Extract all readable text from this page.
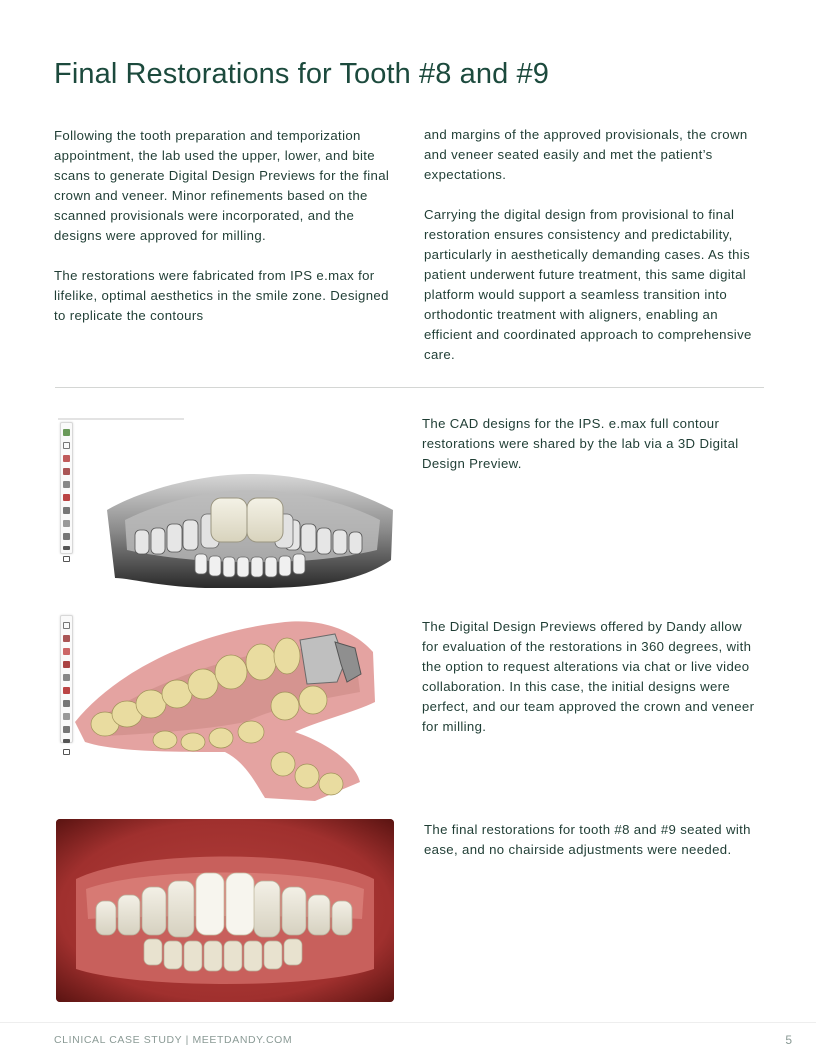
Final Restorations for Tooth #8 and #9

Following the tooth preparation and temporization appointment, the lab used the upper, lower, and bite scans to generate Digital Design Previews for the final crown and veneer. Minor refinements based on the scanned provisionals were incorporated, and the designs were approved for milling.

The restorations were fabricated from IPS e.max for lifelike, optimal aesthetics in the smile zone. Designed to replicate the contours

and margins of the approved provisionals, the crown and veneer seated easily and met the patient’s expectations.

Carrying the digital design from provisional to final restoration ensures consistency and predictability, particularly in aesthetically demanding cases. As this patient underwent future treatment, this same digital platform would support a seamless transition into orthodontic treatment with aligners, enabling an efficient and coordinated approach to comprehensive care.

The CAD designs for the IPS. e.max full contour restorations were shared by the lab via a 3D Digital Design Preview.

The Digital Design Previews offered by Dandy allow for evaluation of the restorations in 360 degrees, with the option to request alterations via chat or live video collaboration. In this case, the initial designs were perfect, and our team approved the crown and veneer for milling.

The final restorations for tooth #8 and #9 seated with ease, and no chairside adjustments were needed.

CLINICAL CASE STUDY | MEETDANDY.COM	5
